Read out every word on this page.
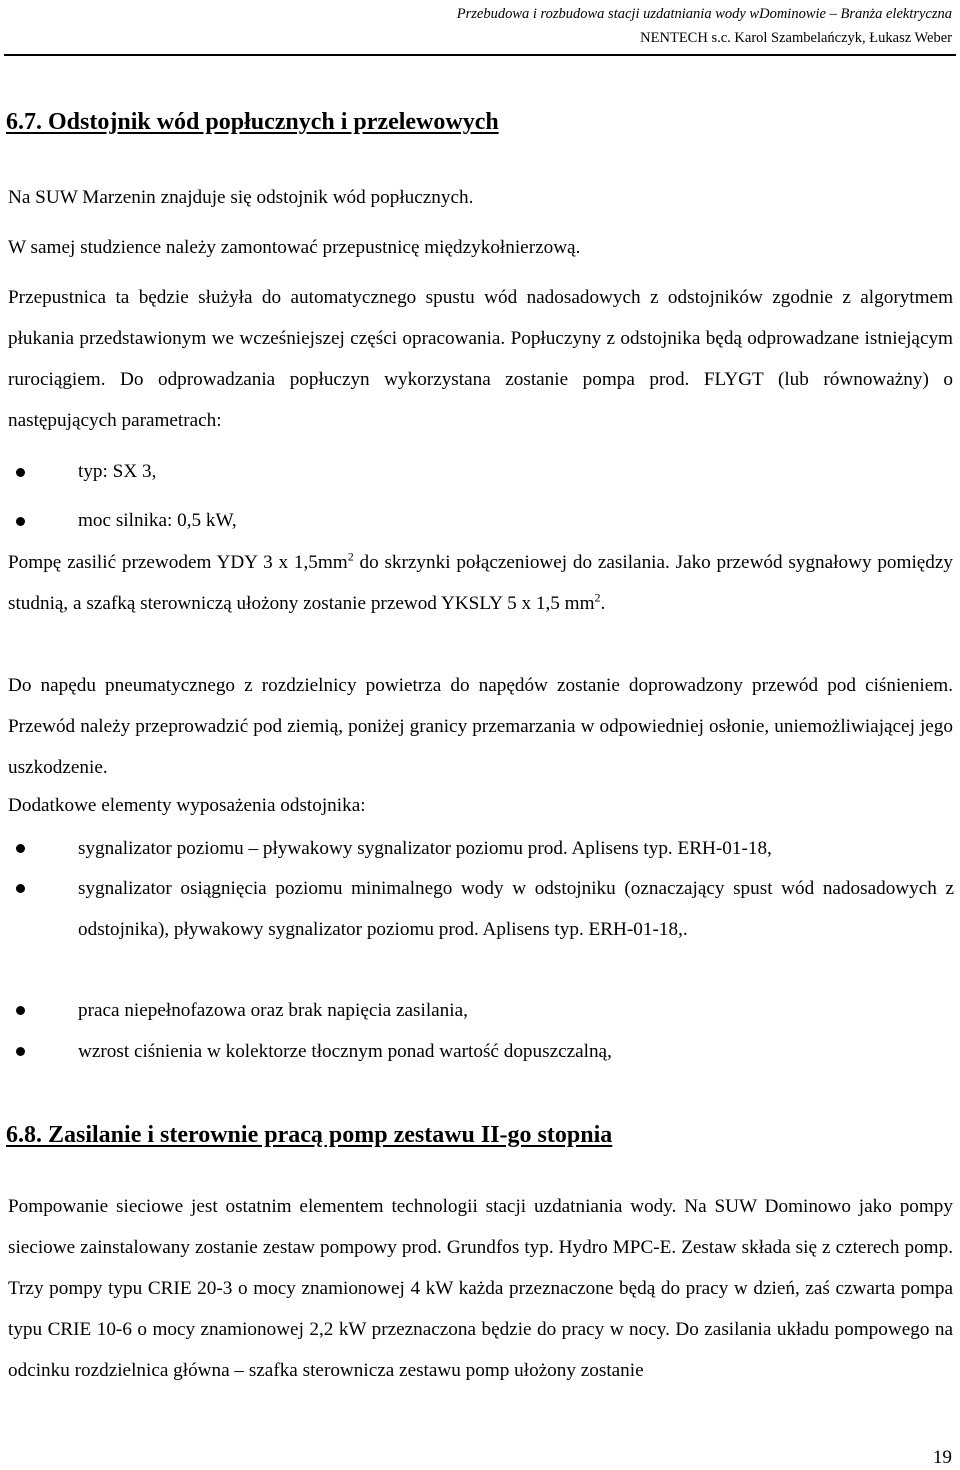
Przebudowa i rozbudowa stacji uzdatniania wody wDominowie – Branża elektryczna
NENTECH s.c. Karol Szambelańczyk, Łukasz Weber
6.7. Odstojnik wód popłucznych i przelewowych
Na SUW Marzenin znajduje się odstojnik wód popłucznych.
W samej studzience należy zamontować przepustnicę międzykołnierzową.

Przepustnica ta będzie służyła do automatycznego spustu wód nadosadowych z odstojników zgodnie z algorytmem płukania przedstawionym we wcześniejszej części opracowania. Popłuczyny z odstojnika będą odprowadzane istniejącym rurociągiem. Do odprowadzania popłuczyn wykorzystana zostanie pompa prod. FLYGT (lub równoważny) o następujących parametrach:

typ: SX 3,
moc silnika: 0,5 kW,

Pompę zasilić przewodem YDY 3 x $1,5mm^2$ do skrzynki połączeniowej do zasilania. Jako przewód sygnałowy pomiędzy studnią, a szafką sterowniczą ułożony zostanie przewod YKSLY 5 x 1,5 $mm^2$.

Do napędu pneumatycznego z rozdzielnicy powietrza do napędów zostanie doprowadzony przewód pod ciśnieniem. Przewód należy przeprowadzić pod ziemią, poniżej granicy przemarzania w odpowiedniej osłonie, uniemożliwiającej jego uszkodzenie.

Dodatkowe elementy wyposażenia odstojnika:

sygnalizator poziomu – pływakowy sygnalizator poziomu prod. Aplisens typ. ERH-01-18,

sygnalizator osiągnięcia poziomu minimalnego wody w odstojniku (oznaczający spust wód nadosadowych z odstojnika), pływakowy sygnalizator poziomu prod. Aplisens typ. ERH-01-18,.

praca niepełnofazowa oraz brak napięcia zasilania,

wzrost ciśnienia w kolektorze tłocznym ponad wartość dopuszczalną,

6.8. Zasilanie i sterownie pracą pomp zestawu II-go stopnia

Pompowanie sieciowe jest ostatnim elementem technologii stacji uzdatniania wody. Na SUW Dominowo jako pompy sieciowe zainstalowany zostanie zestaw pompowy prod. Grundfos typ. Hydro MPC-E. Zestaw składa się z czterech pomp. Trzy pompy typu CRIE 20-3 o mocy znamionowej 4 kW każda przeznaczone będą do pracy w dzień, zaś czwarta pompa typu CRIE 10-6 o mocy znamionowej 2,2 kW przeznaczona będzie do pracy w nocy. Do zasilania układu pompowego na odcinku rozdzielnica główna – szafka sterownicza zestawu pomp ułożony zostanie

19
